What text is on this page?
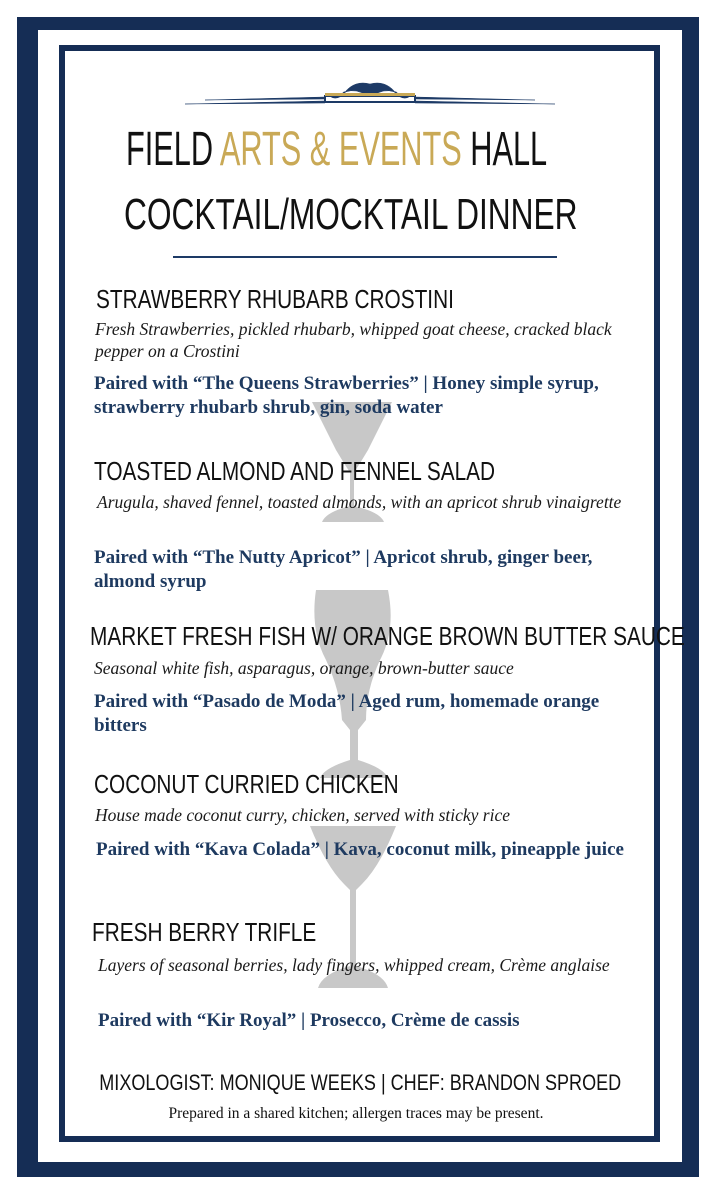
FIELD ARTS & EVENTS HALL
COCKTAIL/MOCKTAIL DINNER
STRAWBERRY RHUBARB CROSTINI
Fresh Strawberries, pickled rhubarb, whipped goat cheese, cracked black pepper on a Crostini
Paired with “The Queens Strawberries” | Honey simple syrup, strawberry rhubarb shrub, gin, soda water
TOASTED ALMOND AND FENNEL SALAD
Arugula, shaved fennel, toasted almonds, with an apricot shrub vinaigrette
Paired with “The Nutty Apricot” | Apricot shrub, ginger beer, almond syrup
MARKET FRESH FISH W/ ORANGE BROWN BUTTER SAUCE
Seasonal white fish, asparagus, orange, brown-butter sauce
Paired with “Pasado de Moda” | Aged rum, homemade orange bitters
COCONUT CURRIED CHICKEN
House made coconut curry, chicken, served with sticky rice
Paired with “Kava Colada” | Kava, coconut milk, pineapple juice
FRESH BERRY TRIFLE
Layers of seasonal berries, lady fingers, whipped cream, Crème anglaise
Paired with “Kir Royal” | Prosecco, Crème de cassis
MIXOLOGIST: MONIQUE WEEKS | CHEF: BRANDON SPROED
Prepared in a shared kitchen; allergen traces may be present.
